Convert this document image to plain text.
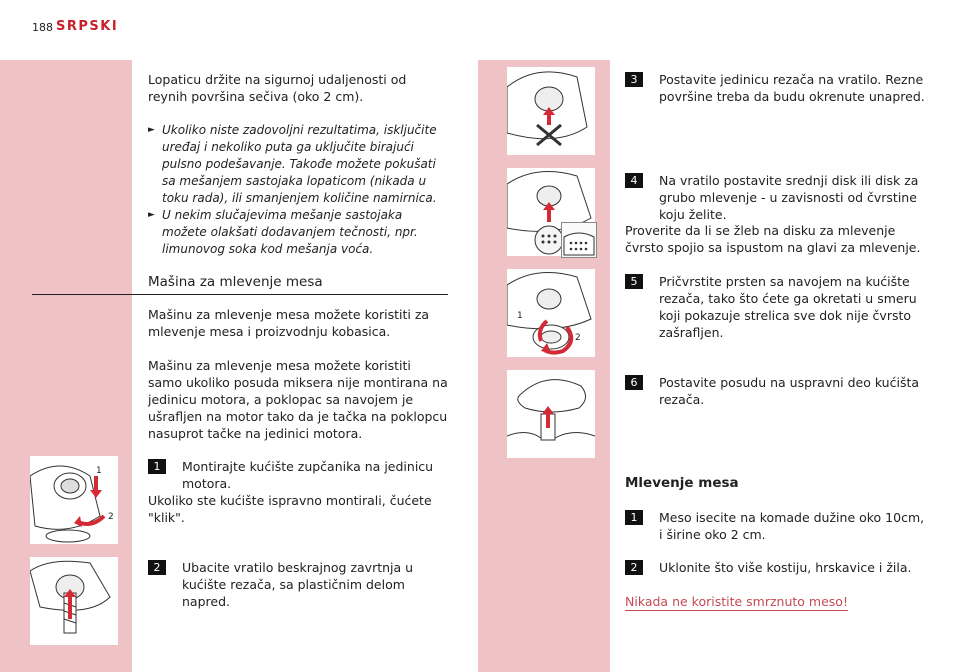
188 SRPSKI
Lopaticu držite na sigurnoj udaljenosti od reynih površina sečiva (oko 2 cm).
► Ukoliko niste zadovoljni rezultatima, isključite uređaj i nekoliko puta ga uključite birajući pulsno podešavanje. Takođe možete pokušati sa mešanjem sastojaka lopaticom (nikada u toku rada), ili smanjenjem količine namirnica.
► U nekim slučajevima mešanje sastojaka možete olakšati dodavanjem tečnosti, npr. limunovog soka kod mešanja voća.
Mašina za mlevenje mesa
Mašinu za mlevenje mesa možete koristiti za mlevenje mesa i proizvodnju kobasica.
Mašinu za mlevenje mesa možete koristiti samo ukoliko posuda miksera nije montirana na jedinicu motora, a poklopac sa navojem je ušrafljen na motor tako da je tačka na poklopcu nasuprot tačke na jedinici motora.
1	Montirajte kućište zupčanika na jedinicu motora.
Ukoliko ste kućište ispravno montirali, čućete "klik".
2	Ubacite vratilo beskrajnog zavrtnja u kućište rezača, sa plastičnim delom napred.
1
2
3	Postavite jedinicu rezača na vratilo. Rezne površine treba da budu okrenute unapred.
4	Na vratilo postavite srednji disk ili disk za grubo mlevenje - u zavisnosti od čvrstine koju želite.
Proverite da li se žleb na disku za mlevenje čvrsto spojio sa ispustom na glavi za mlevenje.
5	Pričvrstite prsten sa navojem na kućište rezača, tako što ćete ga okretati u smeru koji pokazuje strelica sve dok nije čvrsto zašrafljen.
6	Postavite posudu na uspravni deo kućišta rezača.
Mlevenje mesa
1	Meso isecite na komade dužine oko 10cm, i širine oko 2 cm.
2	Uklonite što više kostiju, hrskavice i žila.
Nikada ne koristite smrznuto meso!
1
2
